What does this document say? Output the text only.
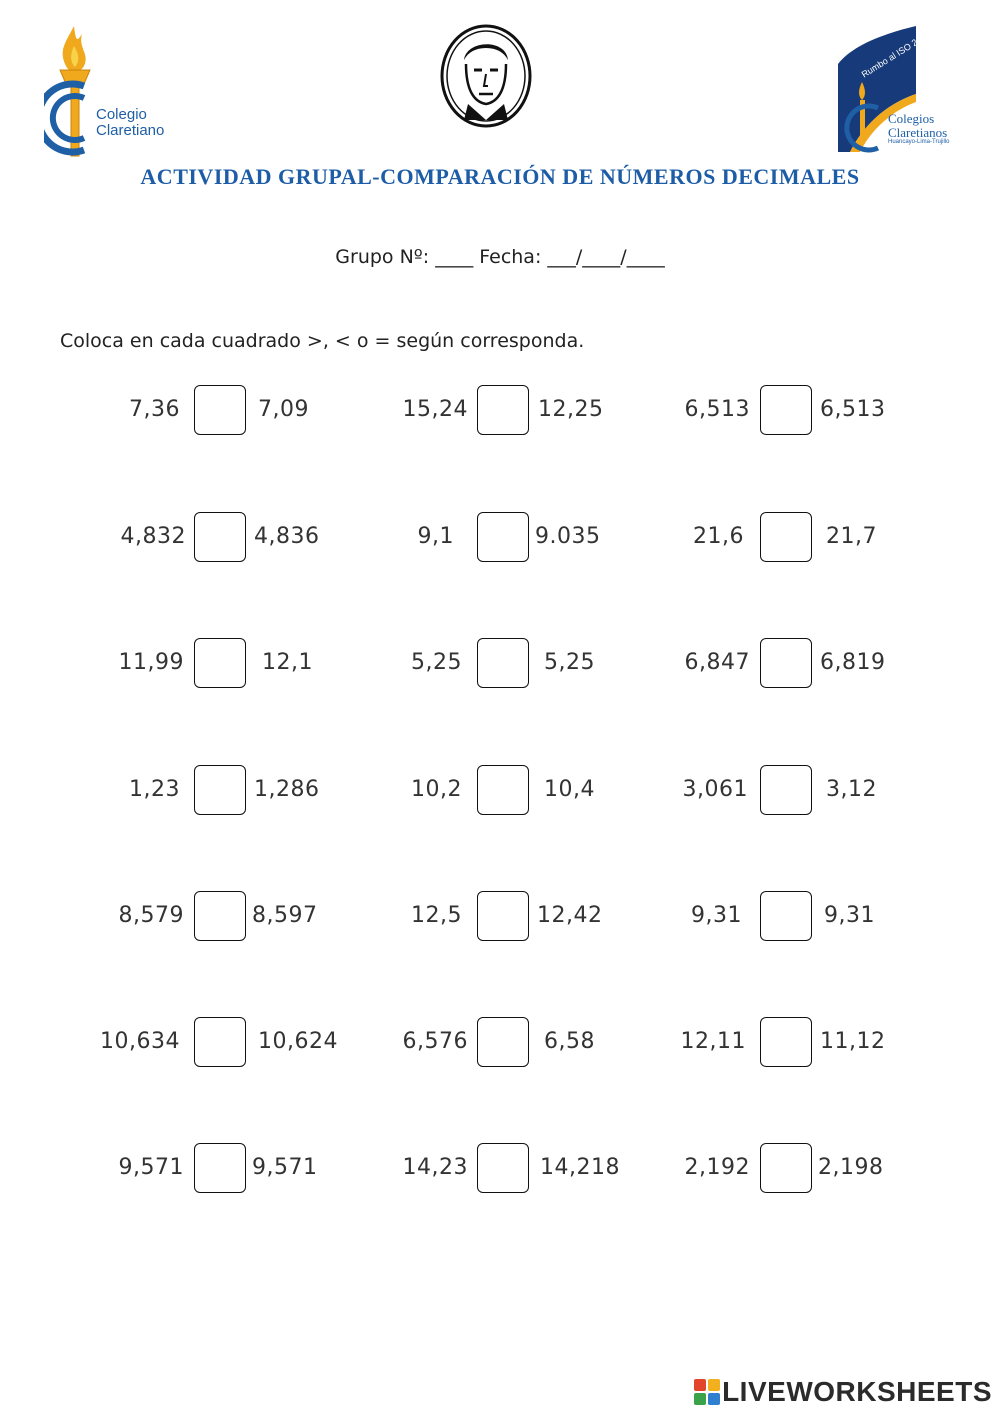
Colegio
Claretiano
Rumbo al ISO 21001
Colegios
Claretianos
Huancayo-Lima-Trujillo
ACTIVIDAD GRUPAL-COMPARACIÓN DE NÚMEROS DECIMALES
Grupo Nº: ____ Fecha: ___/____/____
Coloca en cada cuadrado >, < o = según corresponda.
7,36	7,09	15,24	12,25	6,513	6,513
4,832	4,836	9,1	9.035	21,6	21,7
11,99	12,1	5,25	5,25	6,847	6,819
1,23	1,286	10,2	10,4	3,061	3,12
8,579	8,597	12,5	12,42	9,31	9,31
10,634	10,624	6,576	6,58	12,11	11,12
9,571	9,571	14,23	14,218	2,192	2,198
LIVEWORKSHEETS
